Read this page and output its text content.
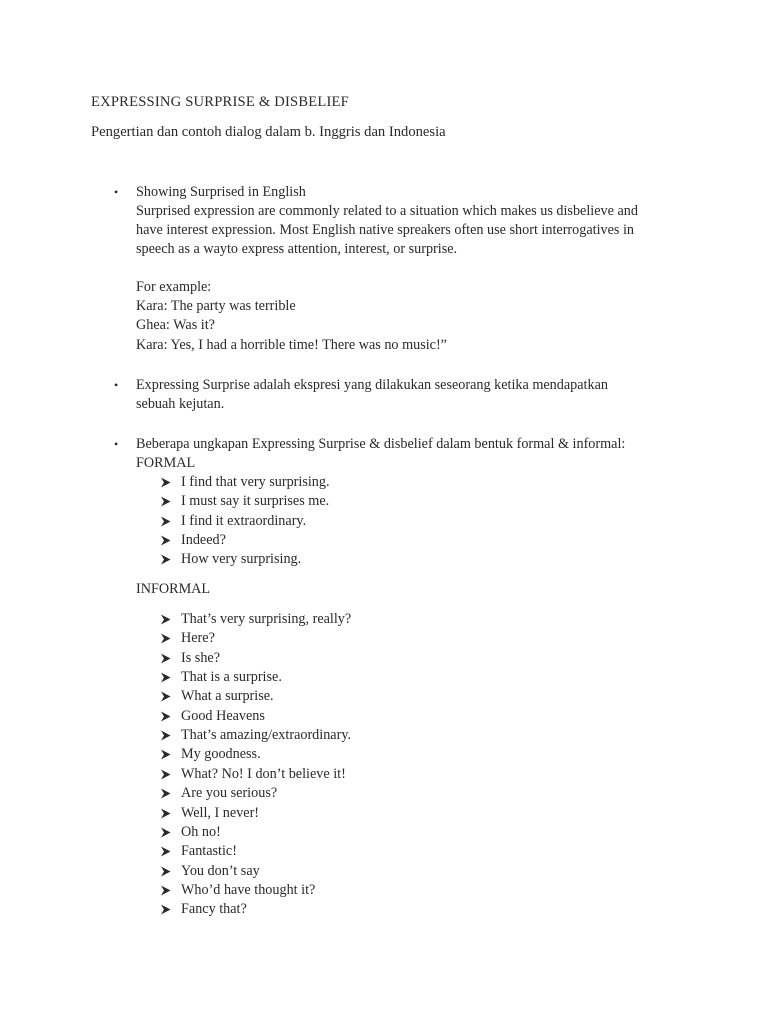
EXPRESSING SURPRISE & DISBELIEF
Pengertian dan contoh dialog dalam b. Inggris dan Indonesia
• Showing Surprised in English
Surprised expression are commonly related to a situation which makes us disbelieve and
have interest expression. Most English native spreakers often use short interrogatives in
speech as a wayto express attention, interest, or surprise.
For example:
Kara: The party was terrible
Ghea: Was it?
Kara: Yes, I had a horrible time! There was no music!”
• Expressing Surprise adalah ekspresi yang dilakukan seseorang ketika mendapatkan
sebuah kejutan.
• Beberapa ungkapan Expressing Surprise & disbelief dalam bentuk formal & informal:
FORMAL
I find that very surprising.
I must say it surprises me.
I find it extraordinary.
Indeed?
How very surprising.
INFORMAL
That’s very surprising, really?
Here?
Is she?
That is a surprise.
What a surprise.
Good Heavens
That’s amazing/extraordinary.
My goodness.
What? No! I don’t believe it!
Are you serious?
Well, I never!
Oh no!
Fantastic!
You don’t say
Who’d have thought it?
Fancy that?
